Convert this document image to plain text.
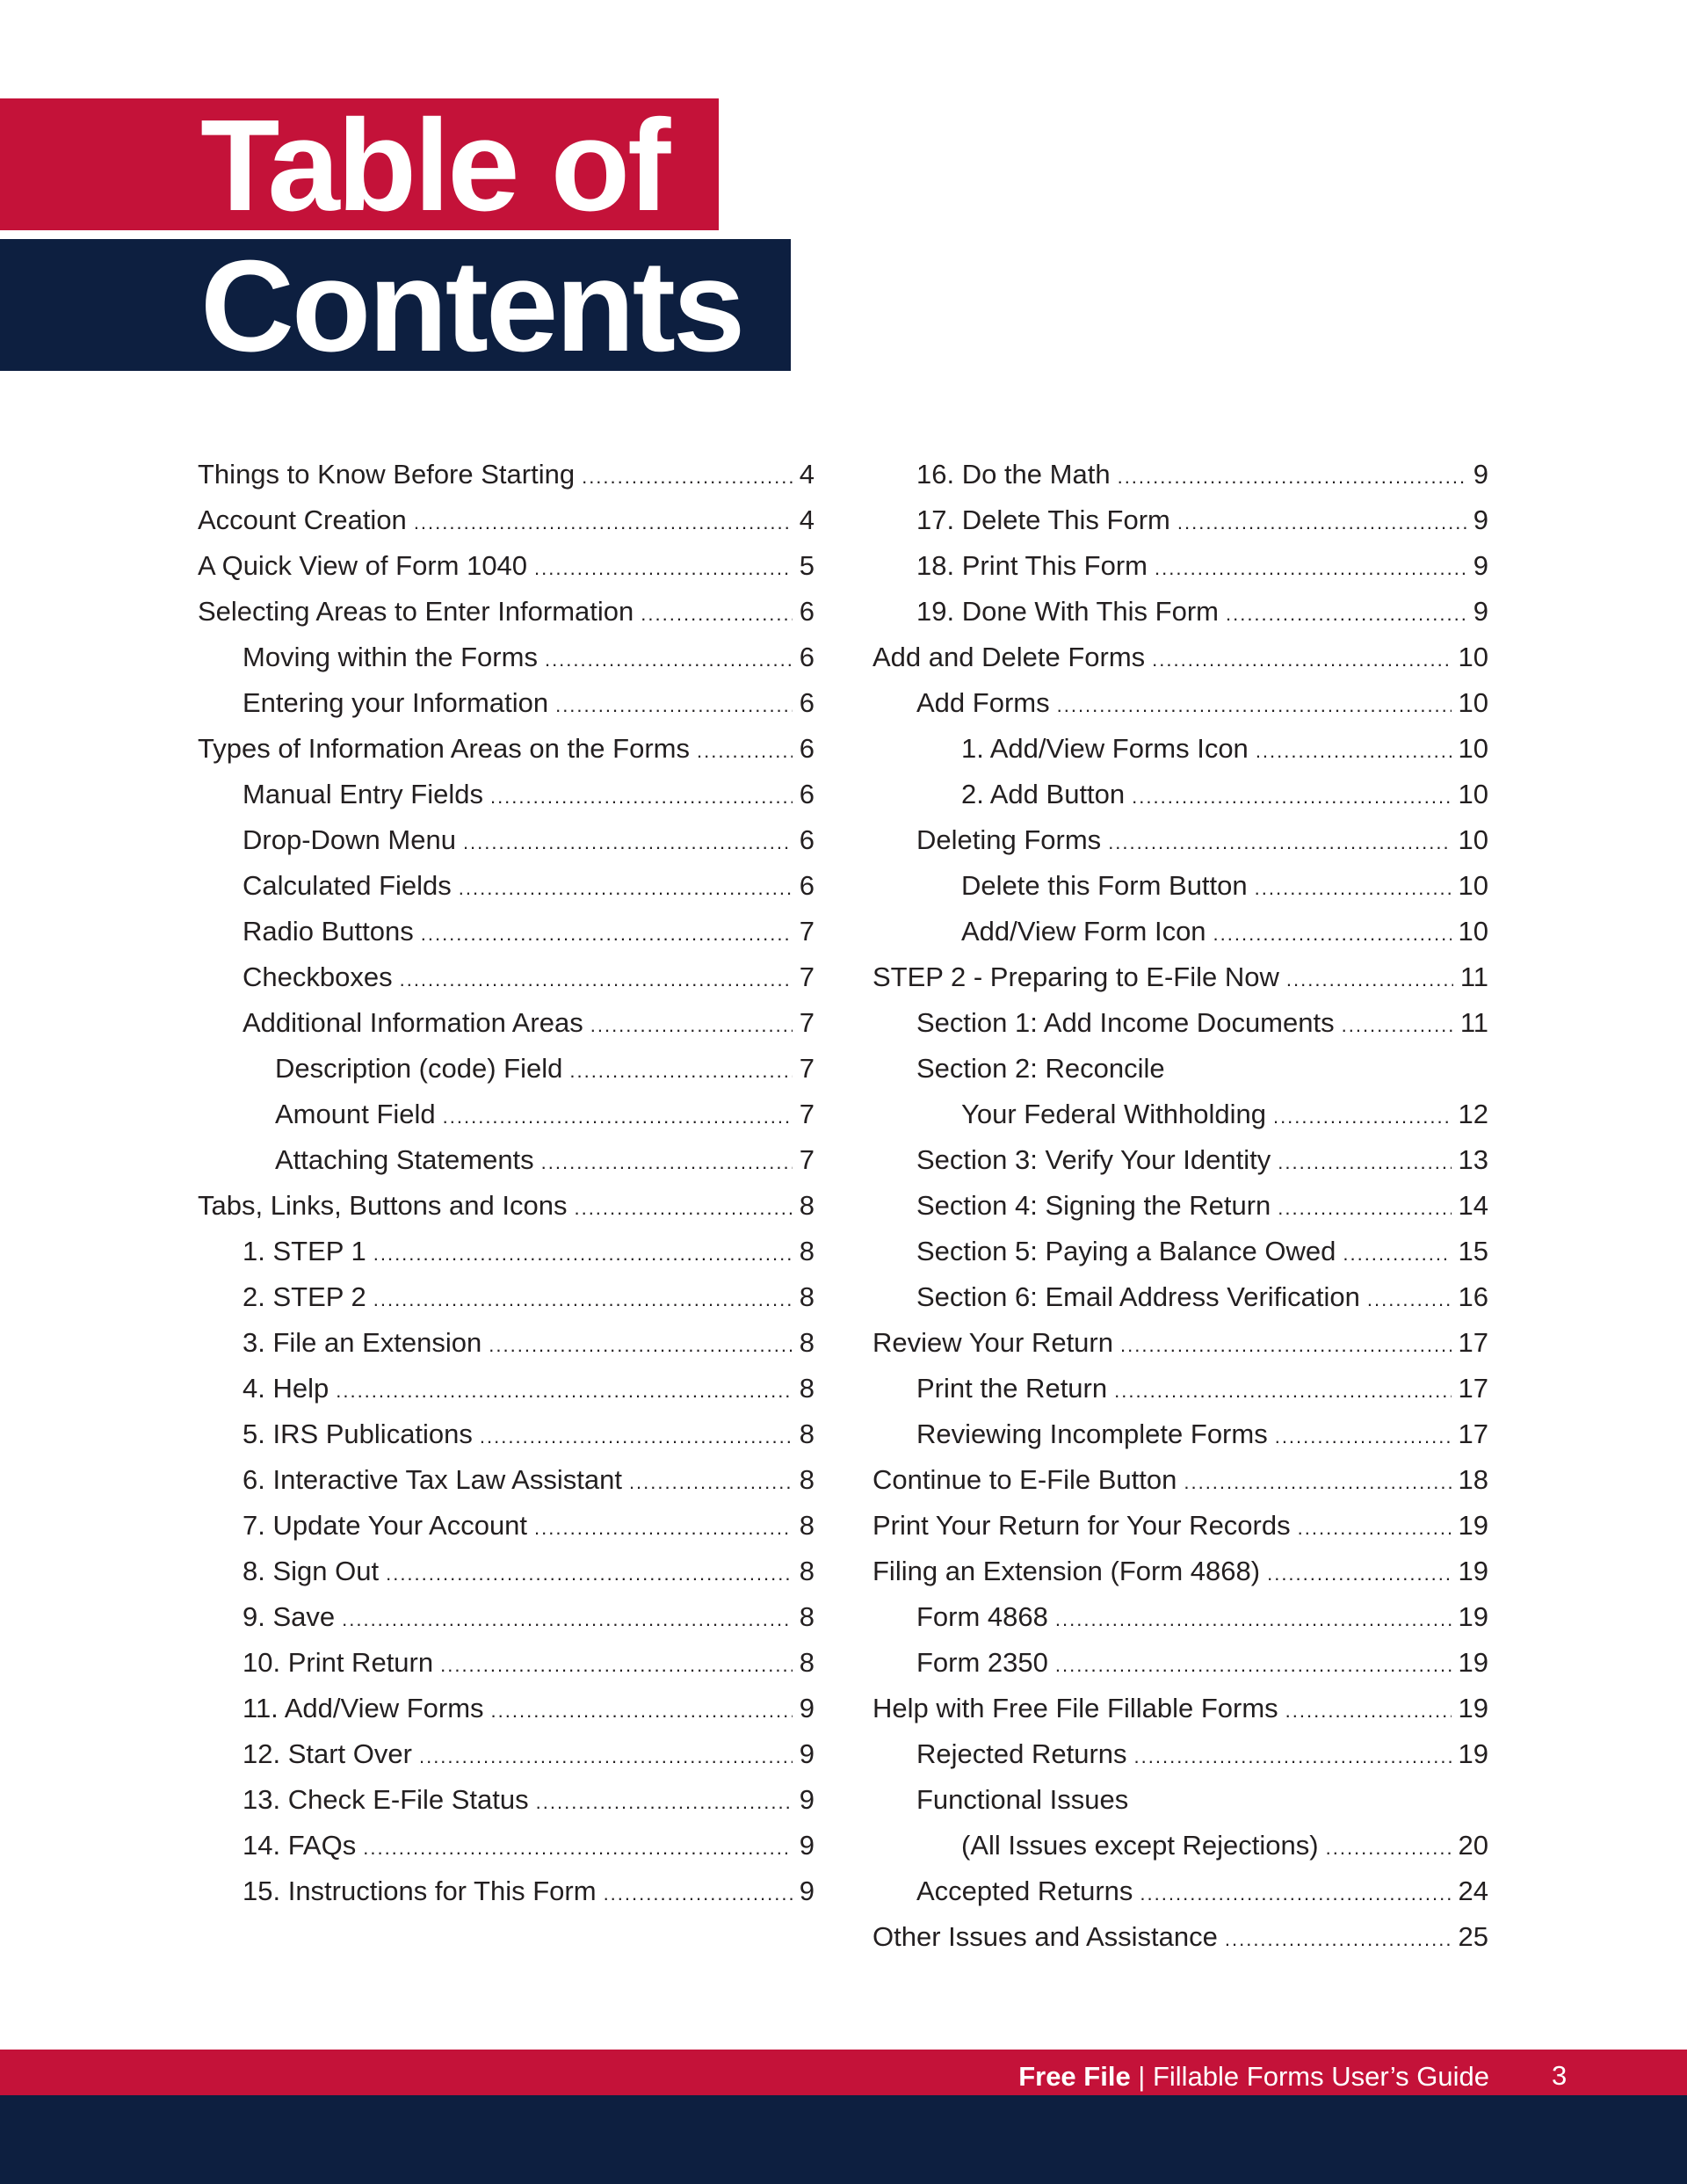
Table of
Contents
Things to Know Before Starting .....	4
Account Creation .....	4
A Quick View of Form 1040 .....	5
Selecting Areas to Enter Information .....	6
Moving within the Forms .....	6
Entering your Information .....	6
Types of Information Areas on the Forms .....	6
Manual Entry Fields .....	6
Drop-Down Menu .....	6
Calculated Fields .....	6
Radio Buttons .....	7
Checkboxes .....	7
Additional Information Areas .....	7
Description (code) Field .....	7
Amount Field .....	7
Attaching Statements .....	7
Tabs, Links, Buttons and Icons .....	8
1. STEP 1 .....	8
2. STEP 2 .....	8
3. File an Extension .....	8
4. Help .....	8
5. IRS Publications .....	8
6. Interactive Tax Law Assistant .....	8
7. Update Your Account .....	8
8. Sign Out .....	8
9. Save .....	8
10. Print Return .....	8
11. Add/View Forms .....	9
12. Start Over .....	9
13. Check E-File Status .....	9
14. FAQs .....	9
15. Instructions for This Form .....	9
16. Do the Math .....	9
17. Delete This Form .....	9
18. Print This Form .....	9
19. Done With This Form .....	9
Add and Delete Forms .....	10
Add Forms .....	10
1. Add/View Forms Icon .....	10
2. Add Button .....	10
Deleting Forms .....	10
Delete this Form Button .....	10
Add/View Form Icon .....	10
STEP 2 - Preparing to E-File Now .....	11
Section 1: Add Income Documents .....	11
Section 2: Reconcile
Your Federal Withholding .....	12
Section 3: Verify Your Identity .....	13
Section 4: Signing the Return .....	14
Section 5: Paying a Balance Owed .....	15
Section 6: Email Address Verification .....	16
Review Your Return .....	17
Print the Return .....	17
Reviewing Incomplete Forms .....	17
Continue to E-File Button .....	18
Print Your Return for Your Records .....	19
Filing an Extension (Form 4868) .....	19
Form 4868 .....	19
Form 2350 .....	19
Help with Free File Fillable Forms .....	19
Rejected Returns .....	19
Functional Issues
(All Issues except Rejections) .....	20
Accepted Returns .....	24
Other Issues and Assistance .....	25
Free File | Fillable Forms User’s Guide 3
